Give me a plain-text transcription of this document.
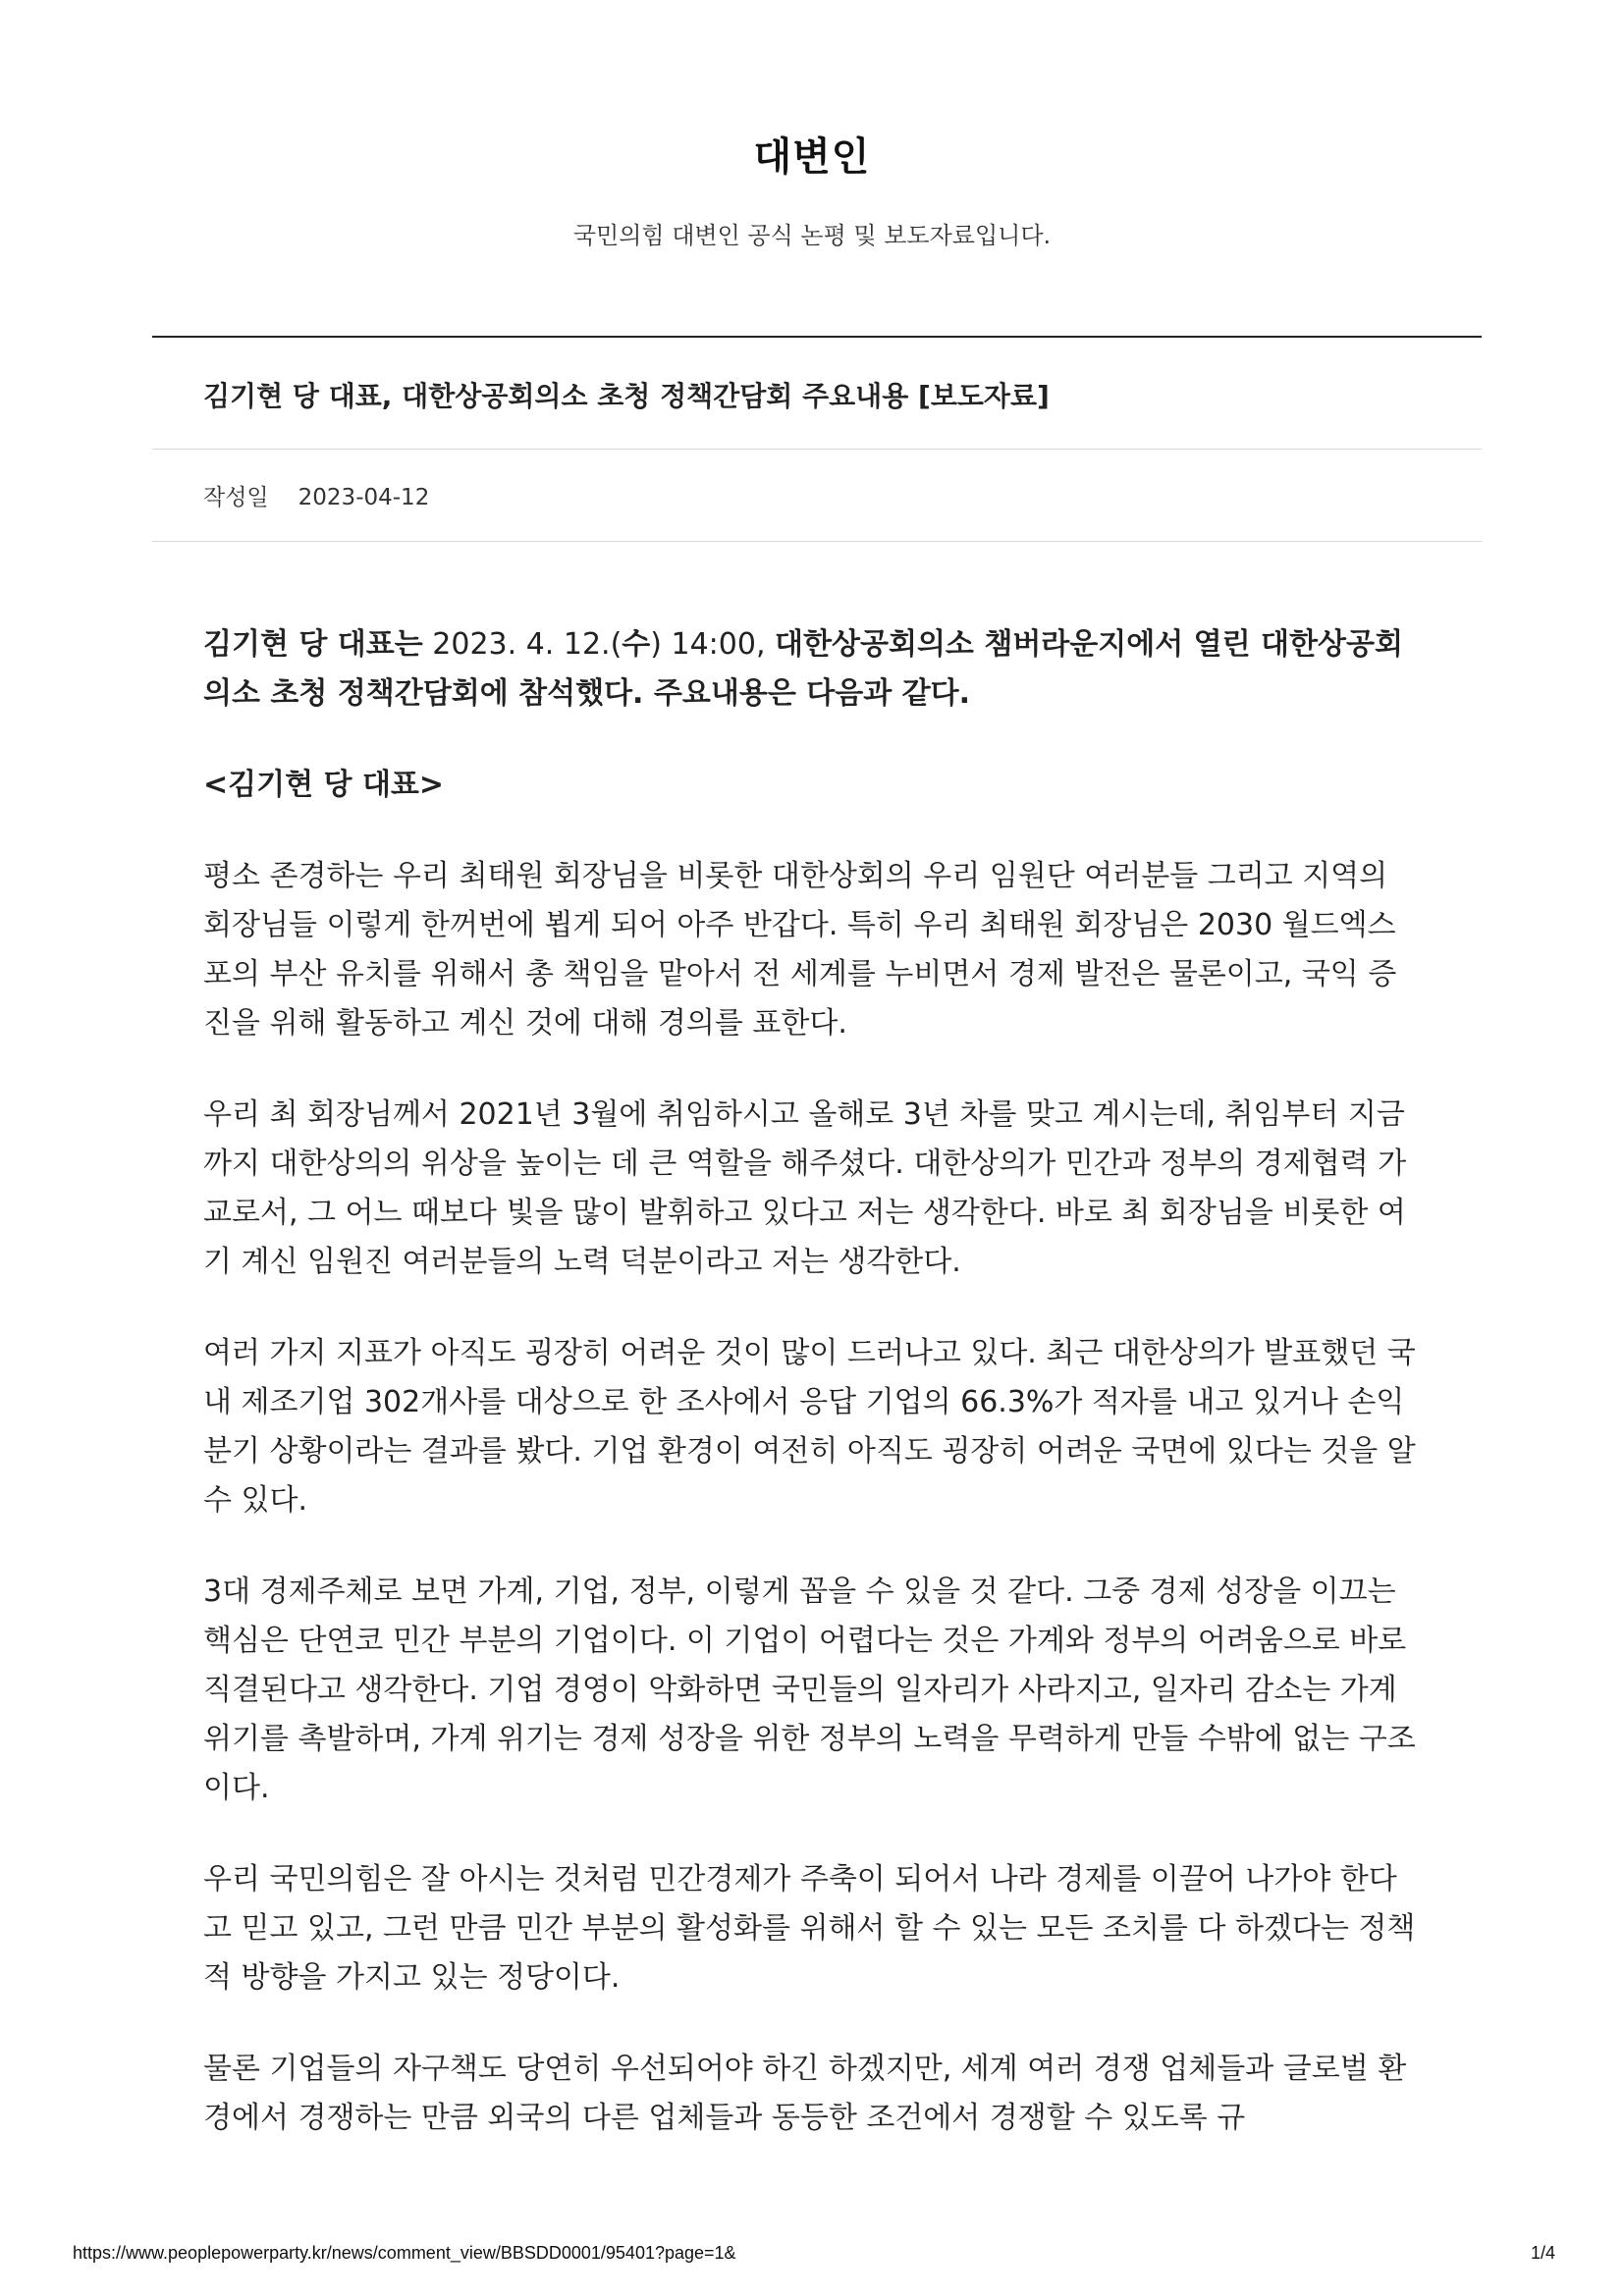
대변인
국민의힘 대변인 공식 논평 및 보도자료입니다.
김기현 당 대표, 대한상공회의소 초청 정책간담회 주요내용 [보도자료]
작성일 2023-04-12

김기현 당 대표는 2023. 4. 12.(수) 14:00, 대한상공회의소 챔버라운지에서 열린 대한상공회의소 초청 정책간담회에 참석했다. 주요내용은 다음과 같다.

<김기현 당 대표>

평소 존경하는 우리 최태원 회장님을 비롯한 대한상회의 우리 임원단 여러분들 그리고 지역의 회장님들 이렇게 한꺼번에 뵙게 되어 아주 반갑다. 특히 우리 최태원 회장님은 2030 월드엑스포의 부산 유치를 위해서 총 책임을 맡아서 전 세계를 누비면서 경제 발전은 물론이고, 국익 증진을 위해 활동하고 계신 것에 대해 경의를 표한다.

우리 최 회장님께서 2021년 3월에 취임하시고 올해로 3년 차를 맞고 계시는데, 취임부터 지금까지 대한상의의 위상을 높이는 데 큰 역할을 해주셨다. 대한상의가 민간과 정부의 경제협력 가교로서, 그 어느 때보다 빛을 많이 발휘하고 있다고 저는 생각한다. 바로 최 회장님을 비롯한 여기 계신 임원진 여러분들의 노력 덕분이라고 저는 생각한다.

여러 가지 지표가 아직도 굉장히 어려운 것이 많이 드러나고 있다. 최근 대한상의가 발표했던 국내 제조기업 302개사를 대상으로 한 조사에서 응답 기업의 66.3%가 적자를 내고 있거나 손익분기 상황이라는 결과를 봤다. 기업 환경이 여전히 아직도 굉장히 어려운 국면에 있다는 것을 알 수 있다.

3대 경제주체로 보면 가계, 기업, 정부, 이렇게 꼽을 수 있을 것 같다. 그중 경제 성장을 이끄는 핵심은 단연코 민간 부분의 기업이다. 이 기업이 어렵다는 것은 가계와 정부의 어려움으로 바로 직결된다고 생각한다. 기업 경영이 악화하면 국민들의 일자리가 사라지고, 일자리 감소는 가계 위기를 촉발하며, 가계 위기는 경제 성장을 위한 정부의 노력을 무력하게 만들 수밖에 없는 구조이다.

우리 국민의힘은 잘 아시는 것처럼 민간경제가 주축이 되어서 나라 경제를 이끌어 나가야 한다고 믿고 있고, 그런 만큼 민간 부분의 활성화를 위해서 할 수 있는 모든 조치를 다 하겠다는 정책적 방향을 가지고 있는 정당이다.

물론 기업들의 자구책도 당연히 우선되어야 하긴 하겠지만, 세계 여러 경쟁 업체들과 글로벌 환경에서 경쟁하는 만큼 외국의 다른 업체들과 동등한 조건에서 경쟁할 수 있도록 규

https://www.peoplepowerparty.kr/news/comment_view/BBSDD0001/95401?page=1&	1/4
